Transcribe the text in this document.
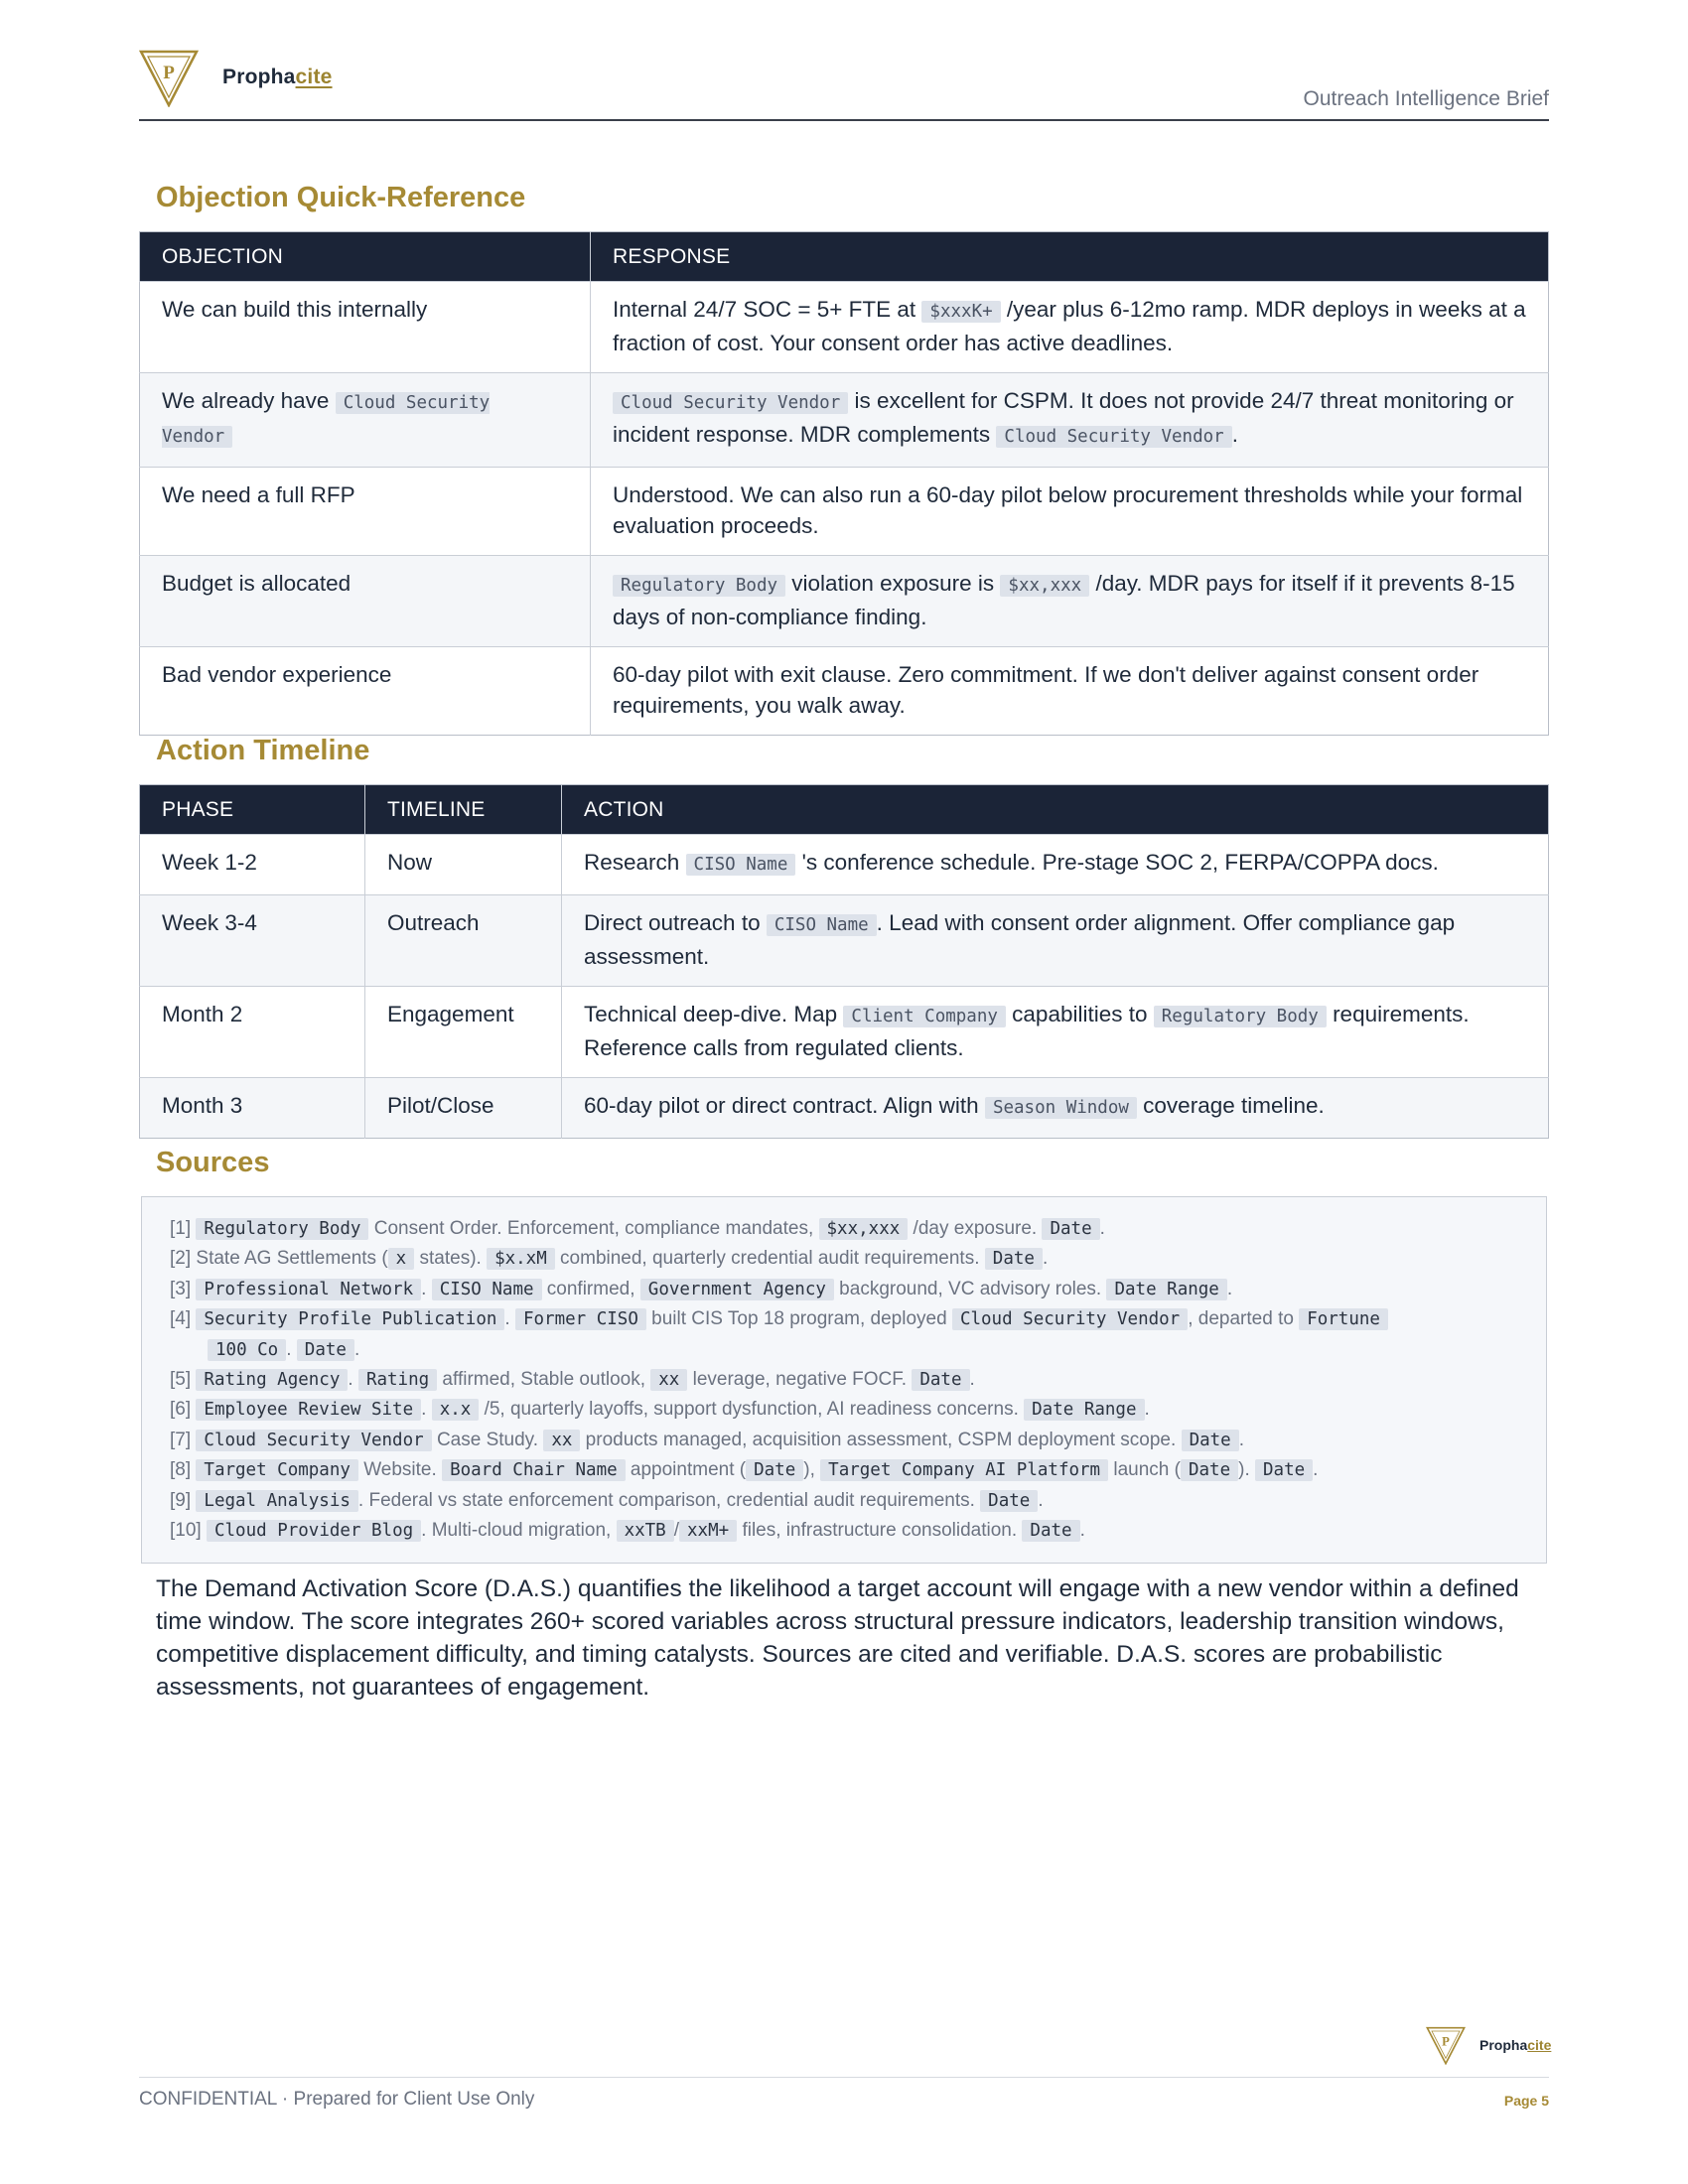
P Prophacite
Outreach Intelligence Brief
Objection Quick-Reference
OBJECTION	RESPONSE
We can build this internally	Internal 24/7 SOC = 5+ FTE at $xxxK+ /year plus 6-12mo ramp. MDR deploys in weeks at a fraction of cost. Your consent order has active deadlines.
We already have Cloud Security Vendor	Cloud Security Vendor is excellent for CSPM. It does not provide 24/7 threat monitoring or incident response. MDR complements Cloud Security Vendor .
We need a full RFP	Understood. We can also run a 60-day pilot below procurement thresholds while your formal evaluation proceeds.
Budget is allocated	Regulatory Body violation exposure is $xx,xxx /day. MDR pays for itself if it prevents 8-15 days of non-compliance finding.
Bad vendor experience	60-day pilot with exit clause. Zero commitment. If we don't deliver against consent order requirements, you walk away.
Action Timeline
PHASE	TIMELINE	ACTION
Week 1-2	Now	Research CISO Name 's conference schedule. Pre-stage SOC 2, FERPA/COPPA docs.
Week 3-4	Outreach	Direct outreach to CISO Name . Lead with consent order alignment. Offer compliance gap assessment.
Month 2	Engagement	Technical deep-dive. Map Client Company capabilities to Regulatory Body requirements. Reference calls from regulated clients.
Month 3	Pilot/Close	60-day pilot or direct contract. Align with Season Window coverage timeline.
Sources
[1] Regulatory Body Consent Order. Enforcement, compliance mandates, $xx,xxx /day exposure. Date .
[2] State AG Settlements ( x states). $x.xM combined, quarterly credential audit requirements. Date .
[3] Professional Network . CISO Name confirmed, Government Agency background, VC advisory roles. Date Range .
[4] Security Profile Publication . Former CISO built CIS Top 18 program, deployed Cloud Security Vendor , departed to Fortune
100 Co . Date .
[5] Rating Agency . Rating affirmed, Stable outlook, xx leverage, negative FOCF. Date .
[6] Employee Review Site . x.x /5, quarterly layoffs, support dysfunction, AI readiness concerns. Date Range .
[7] Cloud Security Vendor Case Study. xx products managed, acquisition assessment, CSPM deployment scope. Date .
[8] Target Company Website. Board Chair Name appointment ( Date ), Target Company AI Platform launch ( Date ). Date .
[9] Legal Analysis . Federal vs state enforcement comparison, credential audit requirements. Date .
[10] Cloud Provider Blog . Multi-cloud migration, xxTB / xxM+ files, infrastructure consolidation. Date .
The Demand Activation Score (D.A.S.) quantifies the likelihood a target account will engage with a new vendor within a defined time window. The score integrates 260+ scored variables across structural pressure indicators, leadership transition windows, competitive displacement difficulty, and timing catalysts. Sources are cited and verifiable. D.A.S. scores are probabilistic assessments, not guarantees of engagement.
P Prophacite
CONFIDENTIAL · Prepared for Client Use Only	Page 5
